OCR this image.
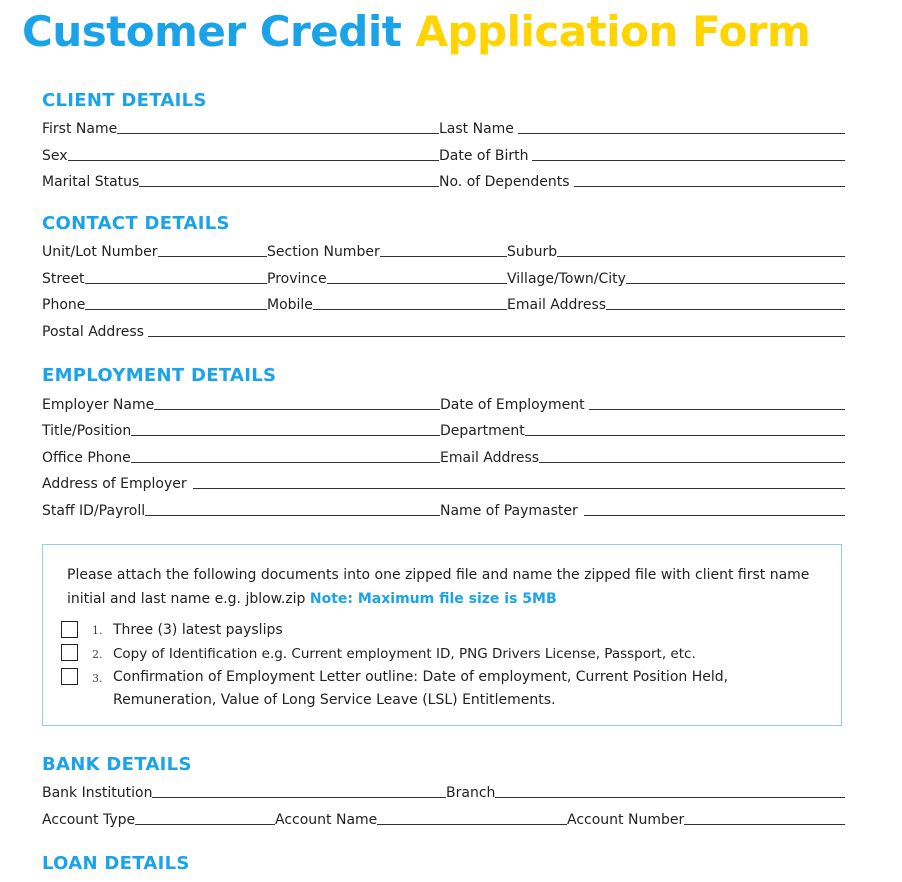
Customer Credit Application Form
CLIENT DETAILS
First Name	Last Name
Sex	Date of Birth
Marital Status	No. of Dependents
CONTACT DETAILS
Unit/Lot Number	Section Number	Suburb
Street	Province	Village/Town/City
Phone	Mobile	Email Address
Postal Address
EMPLOYMENT DETAILS
Employer Name	Date of Employment
Title/Position	Department
Office Phone	Email Address
Address of Employer
Staff ID/Payroll	Name of Paymaster
Please attach the following documents into one zipped file and name the zipped file with client first name initial and last name e.g. jblow.zip Note: Maximum file size is 5MB
1. Three (3) latest payslips
2. Copy of Identification e.g. Current employment ID, PNG Drivers License, Passport, etc.
3. Confirmation of Employment Letter outline: Date of employment, Current Position Held, Remuneration, Value of Long Service Leave (LSL) Entitlements.
BANK DETAILS
Bank Institution	Branch
Account Type	Account Name	Account Number
LOAN DETAILS
